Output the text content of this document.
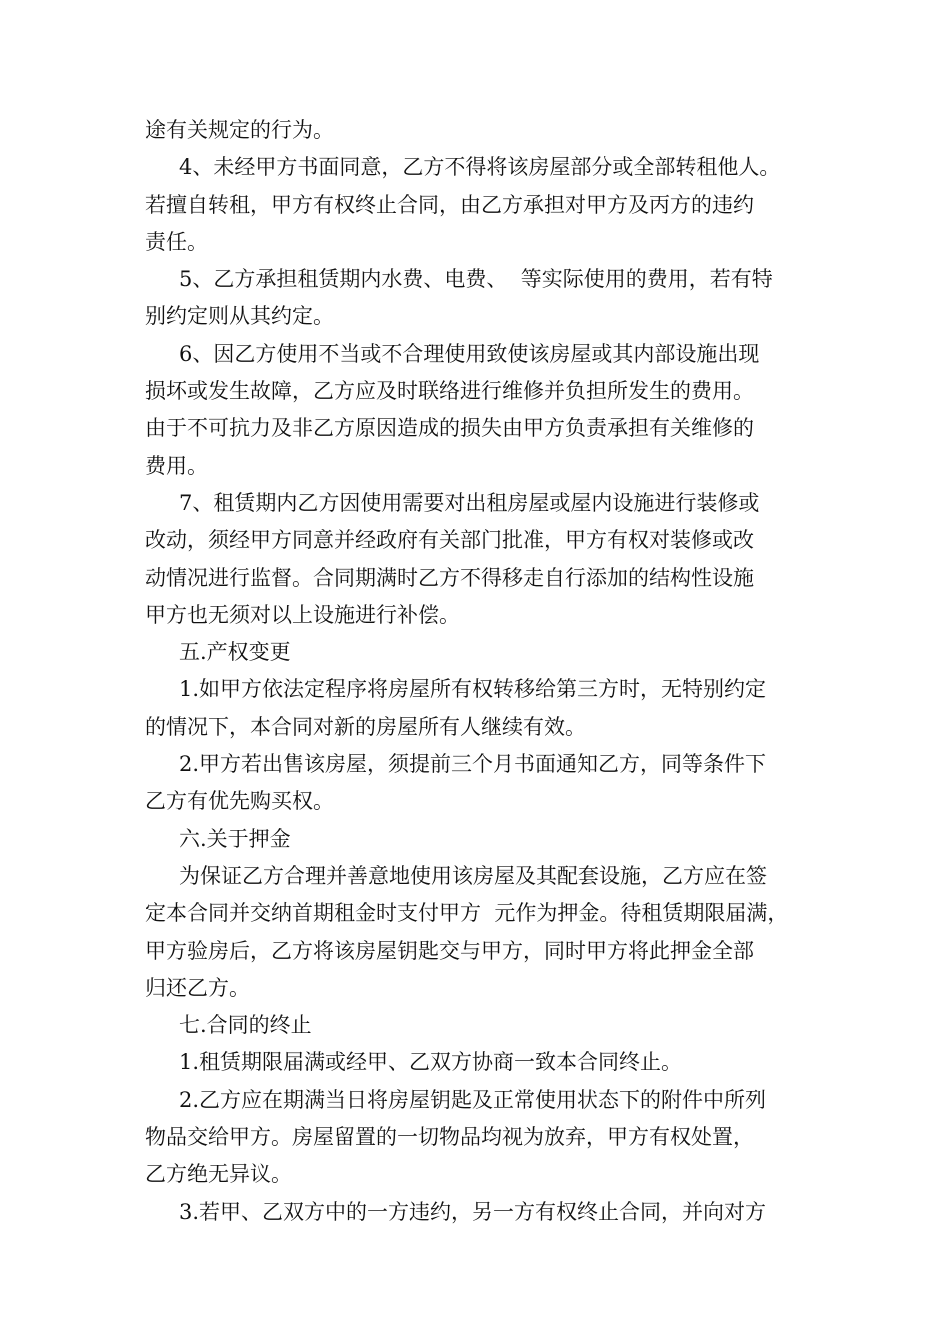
途有关规定的行为。
4、未经甲方书面同意，乙方不得将该房屋部分或全部转租他人。
若擅自转租，甲方有权终止合同，由乙方承担对甲方及丙方的违约
责任。
5、乙方承担租赁期内水费、电费、  等实际使用的费用，若有特
别约定则从其约定。
6、因乙方使用不当或不合理使用致使该房屋或其内部设施出现
损坏或发生故障，乙方应及时联络进行维修并负担所发生的费用。
由于不可抗力及非乙方原因造成的损失由甲方负责承担有关维修的
费用。
7、租赁期内乙方因使用需要对出租房屋或屋内设施进行装修或
改动，须经甲方同意并经政府有关部门批准，甲方有权对装修或改
动情况进行监督。合同期满时乙方不得移走自行添加的结构性设施
甲方也无须对以上设施进行补偿。
五.产权变更
1.如甲方依法定程序将房屋所有权转移给第三方时，无特别约定
的情况下，本合同对新的房屋所有人继续有效。
2.甲方若出售该房屋，须提前三个月书面通知乙方，同等条件下
乙方有优先购买权。
六.关于押金
为保证乙方合理并善意地使用该房屋及其配套设施，乙方应在签
定本合同并交纳首期租金时支付甲方  元作为押金。待租赁期限届满，
甲方验房后，乙方将该房屋钥匙交与甲方，同时甲方将此押金全部
归还乙方。
七.合同的终止
1.租赁期限届满或经甲、乙双方协商一致本合同终止。
2.乙方应在期满当日将房屋钥匙及正常使用状态下的附件中所列
物品交给甲方。房屋留置的一切物品均视为放弃，甲方有权处置，
乙方绝无异议。
3.若甲、乙双方中的一方违约，另一方有权终止合同，并向对方
